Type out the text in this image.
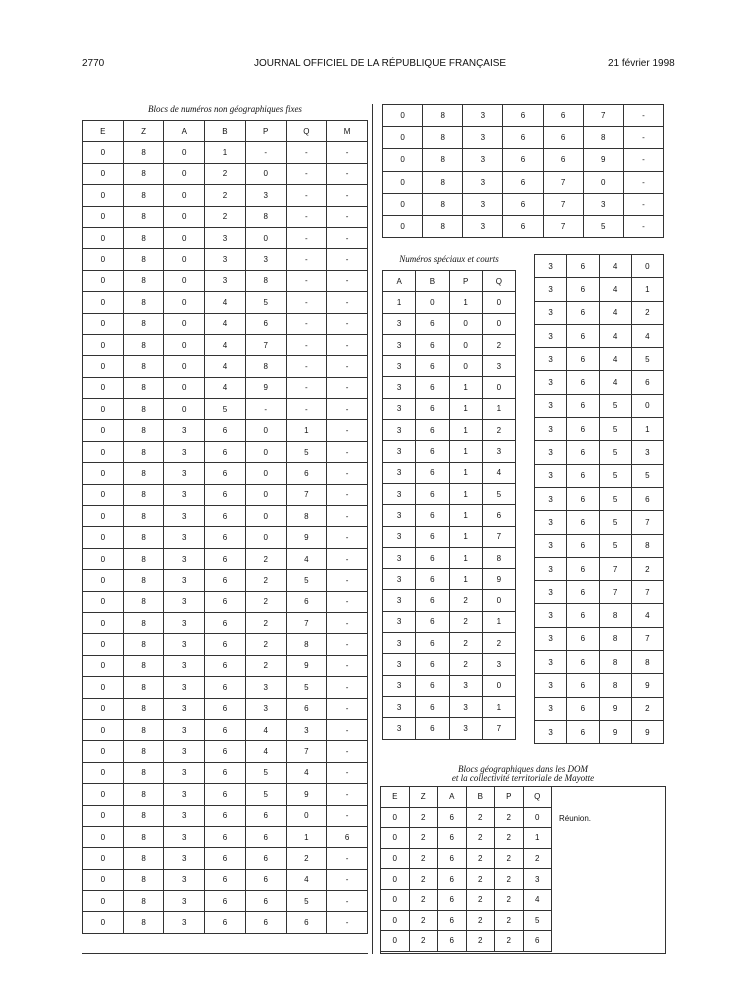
2770	JOURNAL OFFICIEL DE LA RÉPUBLIQUE FRANÇAISE	21 février 1998
Blocs de numéros non géographiques fixes
E	Z	A	B	P	Q	M
0	8	0	1	-	-	-
0	8	0	2	0	-	-
0	8	0	2	3	-	-
0	8	0	2	8	-	-
0	8	0	3	0	-	-
0	8	0	3	3	-	-
0	8	0	3	8	-	-
0	8	0	4	5	-	-
0	8	0	4	6	-	-
0	8	0	4	7	-	-
0	8	0	4	8	-	-
0	8	0	4	9	-	-
0	8	0	5	-	-	-
0	8	3	6	0	1	-
0	8	3	6	0	5	-
0	8	3	6	0	6	-
0	8	3	6	0	7	-
0	8	3	6	0	8	-
0	8	3	6	0	9	-
0	8	3	6	2	4	-
0	8	3	6	2	5	-
0	8	3	6	2	6	-
0	8	3	6	2	7	-
0	8	3	6	2	8	-
0	8	3	6	2	9	-
0	8	3	6	3	5	-
0	8	3	6	3	6	-
0	8	3	6	4	3	-
0	8	3	6	4	7	-
0	8	3	6	5	4	-
0	8	3	6	5	9	-
0	8	3	6	6	0	-
0	8	3	6	6	1	6
0	8	3	6	6	2	-
0	8	3	6	6	4	-
0	8	3	6	6	5	-
0	8	3	6	6	6	-
0	8	3	6	6	7	-
0	8	3	6	6	8	-
0	8	3	6	6	9	-
0	8	3	6	7	0	-
0	8	3	6	7	3	-
0	8	3	6	7	5	-
Numéros spéciaux et courts
A	B	P	Q
1	0	1	0
3	6	0	0
3	6	0	2
3	6	0	3
3	6	1	0
3	6	1	1
3	6	1	2
3	6	1	3
3	6	1	4
3	6	1	5
3	6	1	6
3	6	1	7
3	6	1	8
3	6	1	9
3	6	2	0
3	6	2	1
3	6	2	2
3	6	2	3
3	6	3	0
3	6	3	1
3	6	3	7
3	6	4	0
3	6	4	1
3	6	4	2
3	6	4	4
3	6	4	5
3	6	4	6
3	6	5	0
3	6	5	1
3	6	5	3
3	6	5	5
3	6	5	6
3	6	5	7
3	6	5	8
3	6	7	2
3	6	7	7
3	6	8	4
3	6	8	7
3	6	8	8
3	6	8	9
3	6	9	2
3	6	9	9
Blocs géographiques dans les DOM
et la collectivité territoriale de Mayotte
E	Z	A	B	P	Q
0	2	6	2	2	0
0	2	6	2	2	1
0	2	6	2	2	2
0	2	6	2	2	3
0	2	6	2	2	4
0	2	6	2	2	5
0	2	6	2	2	6
Réunion.
